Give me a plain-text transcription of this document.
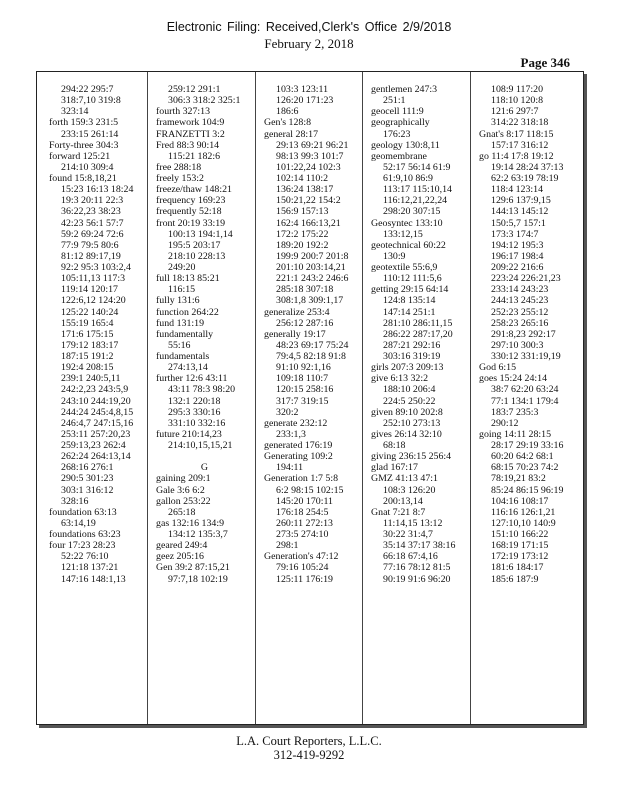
Electronic Filing: Received,Clerk's Office 2/9/2018
February 2, 2018
Page 346
294:22 295:7
318:7,10 319:8
323:14
forth 159:3 231:5
233:15 261:14
Forty-three 304:3
forward 125:21
214:10 309:4
found 15:8,18,21
15:23 16:13 18:24
19:3 20:11 22:3
36:22,23 38:23
42:23 56:1 57:7
59:2 69:24 72:6
77:9 79:5 80:6
81:12 89:17,19
92:2 95:3 103:2,4
105:11,13 117:3
119:14 120:17
122:6,12 124:20
125:22 140:24
155:19 165:4
171:6 175:15
179:12 183:17
187:15 191:2
192:4 208:15
239:1 240:5,11
242:2,23 243:5,9
243:10 244:19,20
244:24 245:4,8,15
246:4,7 247:15,16
253:11 257:20,23
259:13,23 262:4
262:24 264:13,14
268:16 276:1
290:5 301:23
303:1 316:12
328:16
foundation 63:13
63:14,19
foundations 63:23
four 17:23 28:23
52:22 76:10
121:18 137:21
147:16 148:1,13
259:12 291:1
306:3 318:2 325:1
fourth 327:13
framework 104:9
FRANZETTI 3:2
Fred 88:3 90:14
115:21 182:6
free 288:18
freely 153:2
freeze/thaw 148:21
frequency 169:23
frequently 52:18
front 20:19 33:19
100:13 194:1,14
195:5 203:17
218:10 228:13
249:20
full 18:13 85:21
116:15
fully 131:6
function 264:22
fund 131:19
fundamentally
55:16
fundamentals
274:13,14
further 12:6 43:11
43:11 78:3 98:20
132:1 220:18
295:3 330:16
331:10 332:16
future 210:14,23
214:10,15,15,21

G
gaining 209:1
Gale 3:6 6:2
gallon 253:22
265:18
gas 132:16 134:9
134:12 135:3,7
geared 249:4
geez 205:16
Gen 39:2 87:15,21
97:7,18 102:19
103:3 123:11
126:20 171:23
186:6
Gen's 128:8
general 28:17
29:13 69:21 96:21
98:13 99:3 101:7
101:22,24 102:3
102:14 110:2
136:24 138:17
150:21,22 154:2
156:9 157:13
162:4 166:13,21
172:2 175:22
189:20 192:2
199:9 200:7 201:8
201:10 203:14,21
221:1 243:2 246:6
285:18 307:18
308:1,8 309:1,17
generalize 253:4
256:12 287:16
generally 19:17
48:23 69:17 75:24
79:4,5 82:18 91:8
91:10 92:1,16
109:18 110:7
120:15 258:16
317:7 319:15
320:2
generate 232:12
233:1,3
generated 176:19
Generating 109:2
194:11
Generation 1:7 5:8
6:2 98:15 102:15
145:20 170:11
176:18 254:5
260:11 272:13
273:5 274:10
298:1
Generation's 47:12
79:16 105:24
125:11 176:19
gentlemen 247:3
251:1
geocell 111:9
geographically
176:23
geology 130:8,11
geomembrane
52:17 56:14 61:9
61:9,10 86:9
113:17 115:10,14
116:12,21,22,24
298:20 307:15
Geosyntec 133:10
133:12,15
geotechnical 60:22
130:9
geotextile 55:6,9
110:12 111:5,6
getting 29:15 64:14
124:8 135:14
147:14 251:1
281:10 286:11,15
286:22 287:17,20
287:21 292:16
303:16 319:19
girls 207:3 209:13
give 6:13 32:2
188:10 206:4
224:5 250:22
given 89:10 202:8
252:10 273:13
gives 26:14 32:10
68:18
giving 236:15 256:4
glad 167:17
GMZ 41:13 47:1
108:3 126:20
200:13,14
Gnat 7:21 8:7
11:14,15 13:12
30:22 31:4,7
35:14 37:17 38:16
66:18 67:4,16
77:16 78:12 81:5
90:19 91:6 96:20
108:9 117:20
118:10 120:8
121:6 297:7
314:22 318:18
Gnat's 8:17 118:15
157:17 316:12
go 11:4 17:8 19:12
19:14 28:24 37:13
62:2 63:19 78:19
118:4 123:14
129:6 137:9,15
144:13 145:12
150:5,7 157:1
173:3 174:7
194:12 195:3
196:17 198:4
209:22 216:6
223:24 226:21,23
233:14 243:23
244:13 245:23
252:23 255:12
258:23 265:16
291:8,23 292:17
297:10 300:3
330:12 331:19,19
God 6:15
goes 15:24 24:14
38:7 62:20 63:24
77:1 134:1 179:4
183:7 235:3
290:12
going 14:11 28:15
28:17 29:19 33:16
60:20 64:2 68:1
68:15 70:23 74:2
78:19,21 83:2
85:24 86:15 96:19
104:16 108:17
116:16 126:1,21
127:10,10 140:9
151:10 166:22
168:19 171:15
172:19 173:12
181:6 184:17
185:6 187:9
L.A. Court Reporters, L.L.C.
312-419-9292
